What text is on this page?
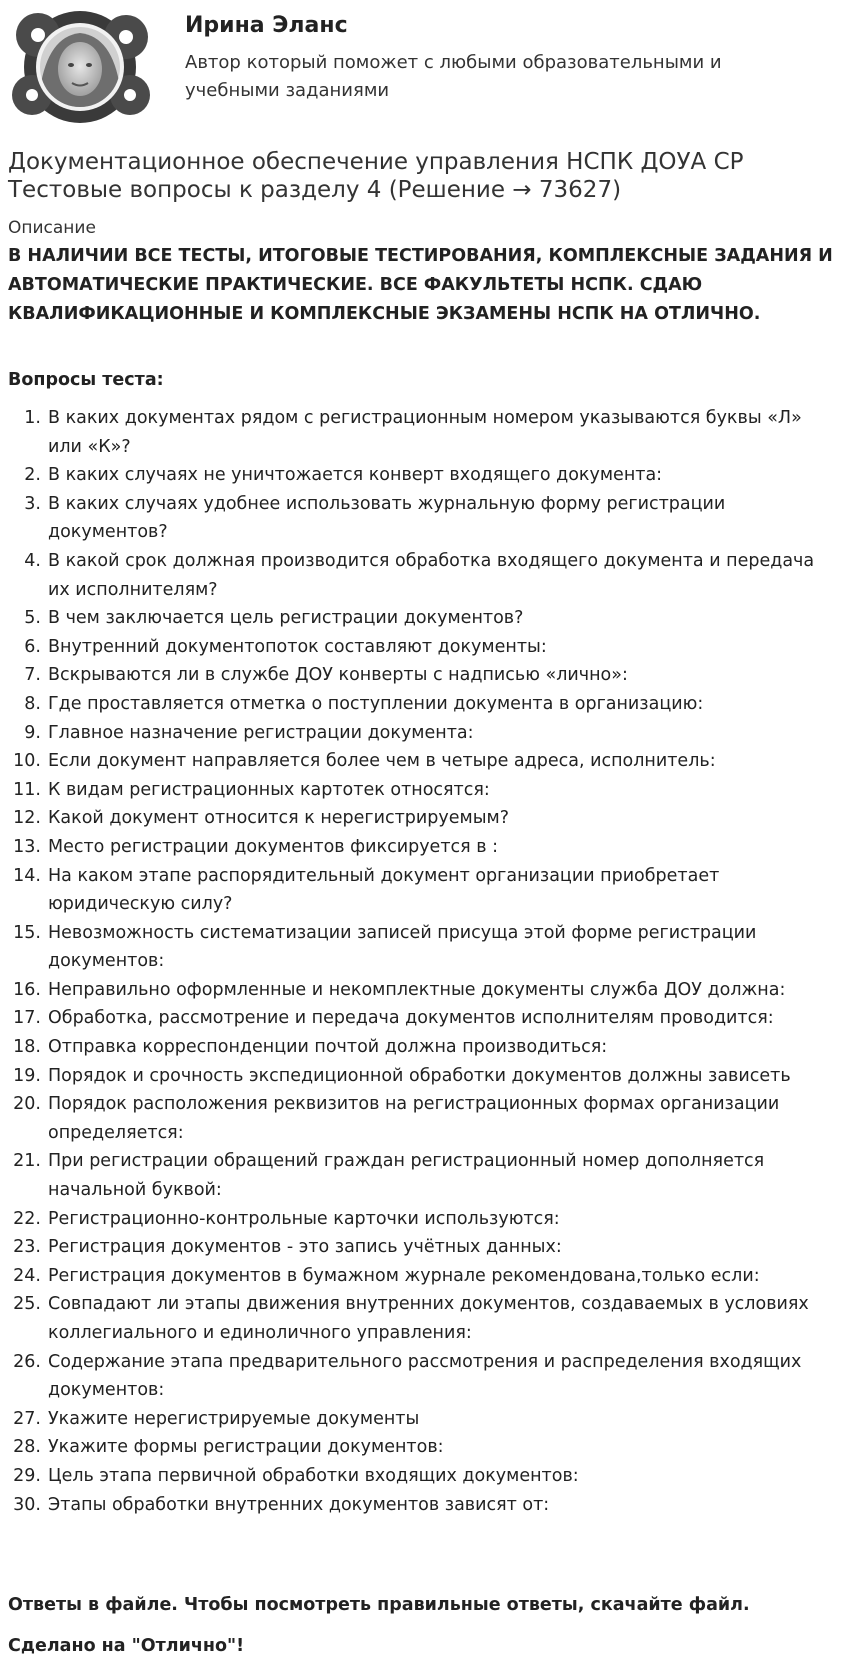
Ирина Эланс
Автор который поможет с любыми образовательными и учебными заданиями
Документационное обеспечение управления НСПК ДОУА СР Тестовые вопросы к разделу 4 (Решение → 73627)
Описание
В НАЛИЧИИ ВСЕ ТЕСТЫ, ИТОГОВЫЕ ТЕСТИРОВАНИЯ, КОМПЛЕКСНЫЕ ЗАДАНИЯ И АВТОМАТИЧЕСКИЕ ПРАКТИЧЕСКИЕ. ВСЕ ФАКУЛЬТЕТЫ НСПК. СДАЮ КВАЛИФИКАЦИОННЫЕ И КОМПЛЕКСНЫЕ ЭКЗАМЕНЫ НСПК НА ОТЛИЧНО.
Вопросы теста:
1. В каких документах рядом с регистрационным номером указываются буквы «Л» или «К»?
2. В каких случаях не уничтожается конверт входящего документа:
3. В каких случаях удобнее использовать журнальную форму регистрации документов?
4. В какой срок должная производится обработка входящего документа и передача их исполнителям?
5. В чем заключается цель регистрации документов?
6. Внутренний документопоток составляют документы:
7. Вскрываются ли в службе ДОУ конверты с надписью «лично»:
8. Где проставляется отметка о поступлении документа в организацию:
9. Главное назначение регистрации документа:
10. Если документ направляется более чем в четыре адреса, исполнитель:
11. К видам регистрационных картотек относятся:
12. Какой документ относится к нерегистрируемым?
13. Место регистрации документов фиксируется в :
14. На каком этапе распорядительный документ организации приобретает юридическую силу?
15. Невозможность систематизации записей присуща этой форме регистрации документов:
16. Неправильно оформленные и некомплектные документы служба ДОУ должна:
17. Обработка, рассмотрение и передача документов исполнителям проводится:
18. Отправка корреспонденции почтой должна производиться:
19. Порядок и срочность экспедиционной обработки документов должны зависеть
20. Порядок расположения реквизитов на регистрационных формах организации определяется:
21. При регистрации обращений граждан регистрационный номер дополняется начальной буквой:
22. Регистрационно-контрольные карточки используются:
23. Регистрация документов - это запись учётных данных:
24. Регистрация документов в бумажном журнале рекомендована,только если:
25. Совпадают ли этапы движения внутренних документов, создаваемых в условиях коллегиального и единоличного управления:
26. Содержание этапа предварительного рассмотрения и распределения входящих документов:
27. Укажите нерегистрируемые документы
28. Укажите формы регистрации документов:
29. Цель этапа первичной обработки входящих документов:
30. Этапы обработки внутренних документов зависят от:
Ответы в файле. Чтобы посмотреть правильные ответы, скачайте файл.
Сделано на "Отлично"!
